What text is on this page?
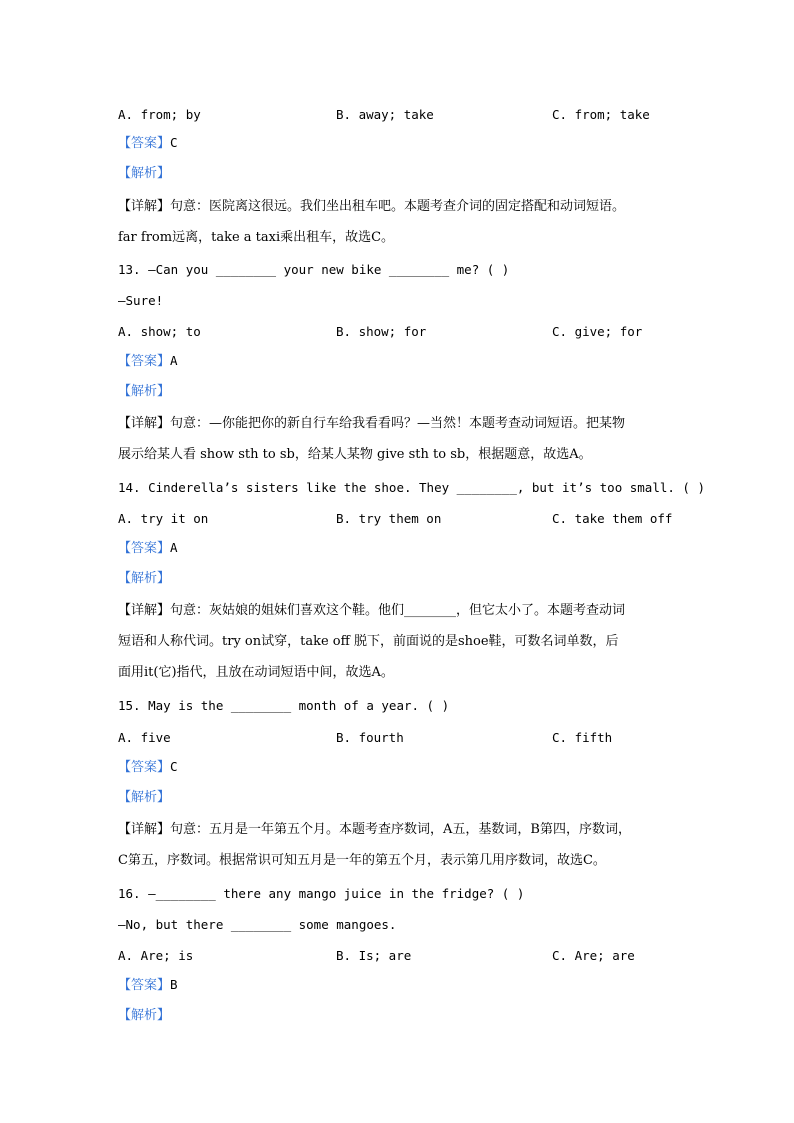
A. from; by	B. away; take	C. from; take
【答案】C
【解析】
【详解】句意：医院离这很远。我们坐出租车吧。本题考查介词的固定搭配和动词短语。
far from远离，take a taxi乘出租车，故选C。
13. —Can you ________ your new bike ________ me? ( )
—Sure!
A. show; to	B. show; for	C. give; for
【答案】A
【解析】
【详解】句意：—你能把你的新自行车给我看看吗？—当然！本题考查动词短语。把某物
展示给某人看 show sth to sb，给某人某物 give sth to sb，根据题意，故选A。
14. Cinderella’s sisters like the shoe. They ________, but it’s too small. ( )
A. try it on	B. try them on	C. take them off
【答案】A
【解析】
【详解】句意：灰姑娘的姐妹们喜欢这个鞋。他们________，但它太小了。本题考查动词
短语和人称代词。try on试穿，take off 脱下，前面说的是shoe鞋，可数名词单数，后
面用it(它)指代，且放在动词短语中间，故选A。
15. May is the ________ month of a year. ( )
A. five	B. fourth	C. fifth
【答案】C
【解析】
【详解】句意：五月是一年第五个月。本题考查序数词，A五，基数词，B第四，序数词，
C第五，序数词。根据常识可知五月是一年的第五个月，表示第几用序数词，故选C。
16. —________ there any mango juice in the fridge? ( )
—No, but there ________ some mangoes.
A. Are; is	B. Is; are	C. Are; are
【答案】B
【解析】
